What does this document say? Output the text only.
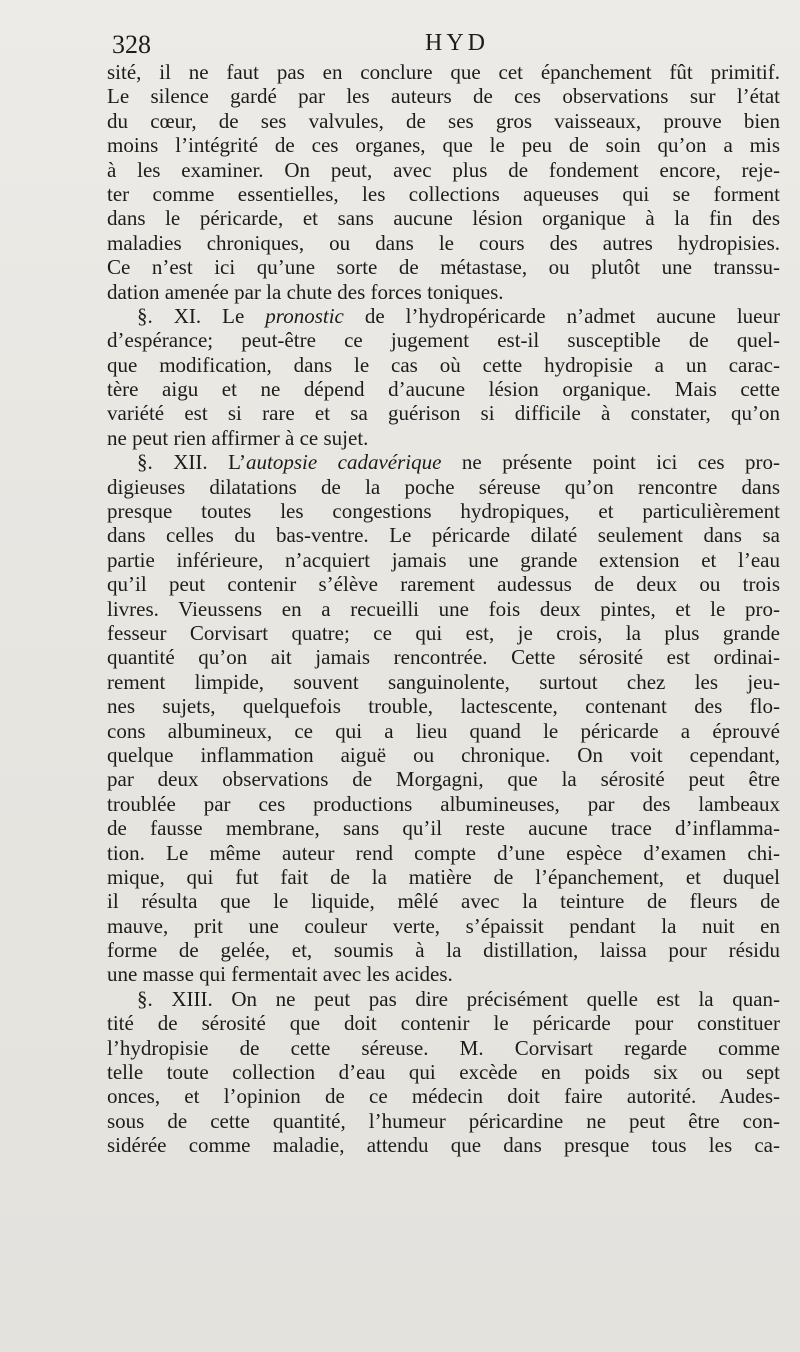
328	HYD
sité, il ne faut pas en conclure que cet épanchement fût primitif.
Le silence gardé par les auteurs de ces observations sur l’état
du cœur, de ses valvules, de ses gros vaisseaux, prouve bien
moins l’intégrité de ces organes, que le peu de soin qu’on a mis
à les examiner. On peut, avec plus de fondement encore, reje-
ter comme essentielles, les collections aqueuses qui se forment
dans le péricarde, et sans aucune lésion organique à la fin des
maladies chroniques, ou dans le cours des autres hydropisies.
Ce n’est ici qu’une sorte de métastase, ou plutôt une transsu-
dation amenée par la chute des forces toniques.
§. XI. Le pronostic de l’hydropéricarde n’admet aucune lueur
d’espérance; peut-être ce jugement est-il susceptible de quel-
que modification, dans le cas où cette hydropisie a un carac-
tère aigu et ne dépend d’aucune lésion organique. Mais cette
variété est si rare et sa guérison si difficile à constater, qu’on
ne peut rien affirmer à ce sujet.
§. XII. L’autopsie cadavérique ne présente point ici ces pro-
digieuses dilatations de la poche séreuse qu’on rencontre dans
presque toutes les congestions hydropiques, et particulièrement
dans celles du bas-ventre. Le péricarde dilaté seulement dans sa
partie inférieure, n’acquiert jamais une grande extension et l’eau
qu’il peut contenir s’élève rarement audessus de deux ou trois
livres. Vieussens en a recueilli une fois deux pintes, et le pro-
fesseur Corvisart quatre; ce qui est, je crois, la plus grande
quantité qu’on ait jamais rencontrée. Cette sérosité est ordinai-
rement limpide, souvent sanguinolente, surtout chez les jeu-
nes sujets, quelquefois trouble, lactescente, contenant des flo-
cons albumineux, ce qui a lieu quand le péricarde a éprouvé
quelque inflammation aiguë ou chronique. On voit cependant,
par deux observations de Morgagni, que la sérosité peut être
troublée par ces productions albumineuses, par des lambeaux
de fausse membrane, sans qu’il reste aucune trace d’inflamma-
tion. Le même auteur rend compte d’une espèce d’examen chi-
mique, qui fut fait de la matière de l’épanchement, et duquel
il résulta que le liquide, mêlé avec la teinture de fleurs de
mauve, prit une couleur verte, s’épaissit pendant la nuit en
forme de gelée, et, soumis à la distillation, laissa pour résidu
une masse qui fermentait avec les acides.
§. XIII. On ne peut pas dire précisément quelle est la quan-
tité de sérosité que doit contenir le péricarde pour constituer
l’hydropisie de cette séreuse. M. Corvisart regarde comme
telle toute collection d’eau qui excède en poids six ou sept
onces, et l’opinion de ce médecin doit faire autorité. Audes-
sous de cette quantité, l’humeur péricardine ne peut être con-
sidérée comme maladie, attendu que dans presque tous les ca-
